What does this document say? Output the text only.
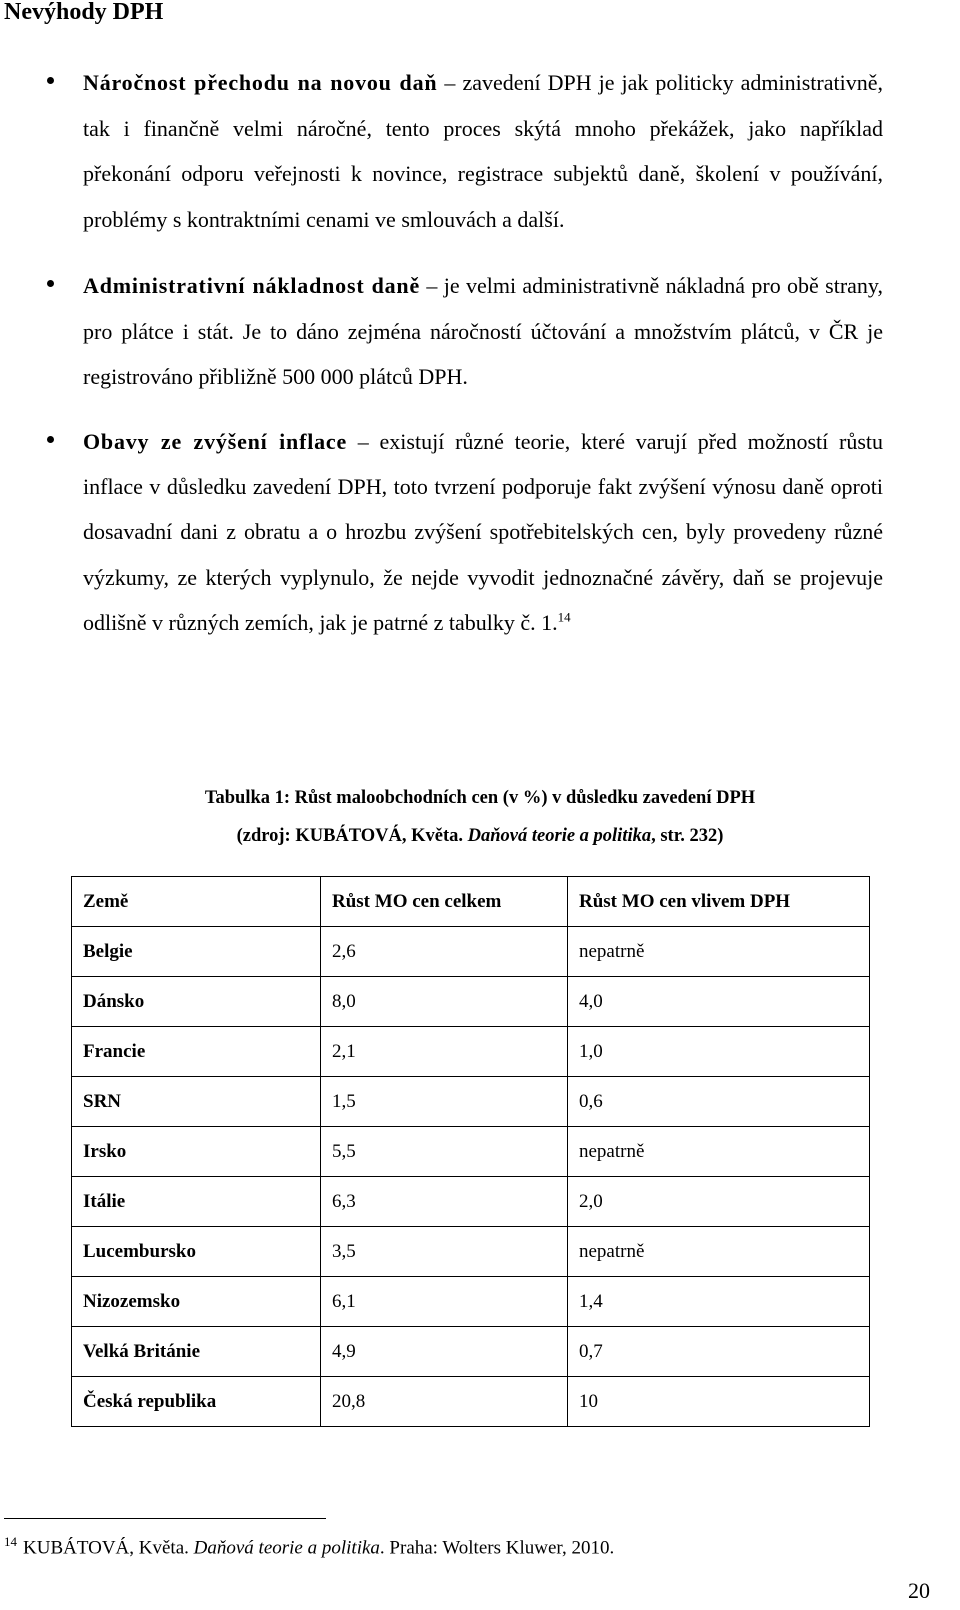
Nevýhody DPH

Náročnost přechodu na novou daň – zavedení DPH je jak politicky administrativně, tak i finančně velmi náročné, tento proces skýtá mnoho překážek, jako například překonání odporu veřejnosti k novince, registrace subjektů daně, školení v používání, problémy s kontraktními cenami ve smlouvách a další.

Administrativní nákladnost daně – je velmi administrativně nákladná pro obě strany, pro plátce i stát. Je to dáno zejména náročností účtování a množstvím plátců, v ČR je registrováno přibližně 500 000 plátců DPH.

Obavy ze zvýšení inflace – existují různé teorie, které varují před možností růstu inflace v důsledku zavedení DPH, toto tvrzení podporuje fakt zvýšení výnosu daně oproti dosavadní dani z obratu a o hrozbu zvýšení spotřebitelských cen, byly provedeny různé výzkumy, ze kterých vyplynulo, že nejde vyvodit jednoznačné závěry, daň se projevuje odlišně v různých zemích, jak je patrné z tabulky č. 1.14

Tabulka 1: Růst maloobchodních cen (v %) v důsledku zavedení DPH
(zdroj: KUBÁTOVÁ, Květa. Daňová teorie a politika, str. 232)
Země	Růst MO cen celkem	Růst MO cen vlivem DPH
Belgie	2,6	nepatrně
Dánsko	8,0	4,0
Francie	2,1	1,0
SRN	1,5	0,6
Irsko	5,5	nepatrně
Itálie	6,3	2,0
Lucembursko	3,5	nepatrně
Nizozemsko	6,1	1,4
Velká Británie	4,9	0,7
Česká republika	20,8	10
$^{14}$ KUBÁTOVÁ, Květa. Daňová teorie a politika. Praha: Wolters Kluwer, 2010.
20
